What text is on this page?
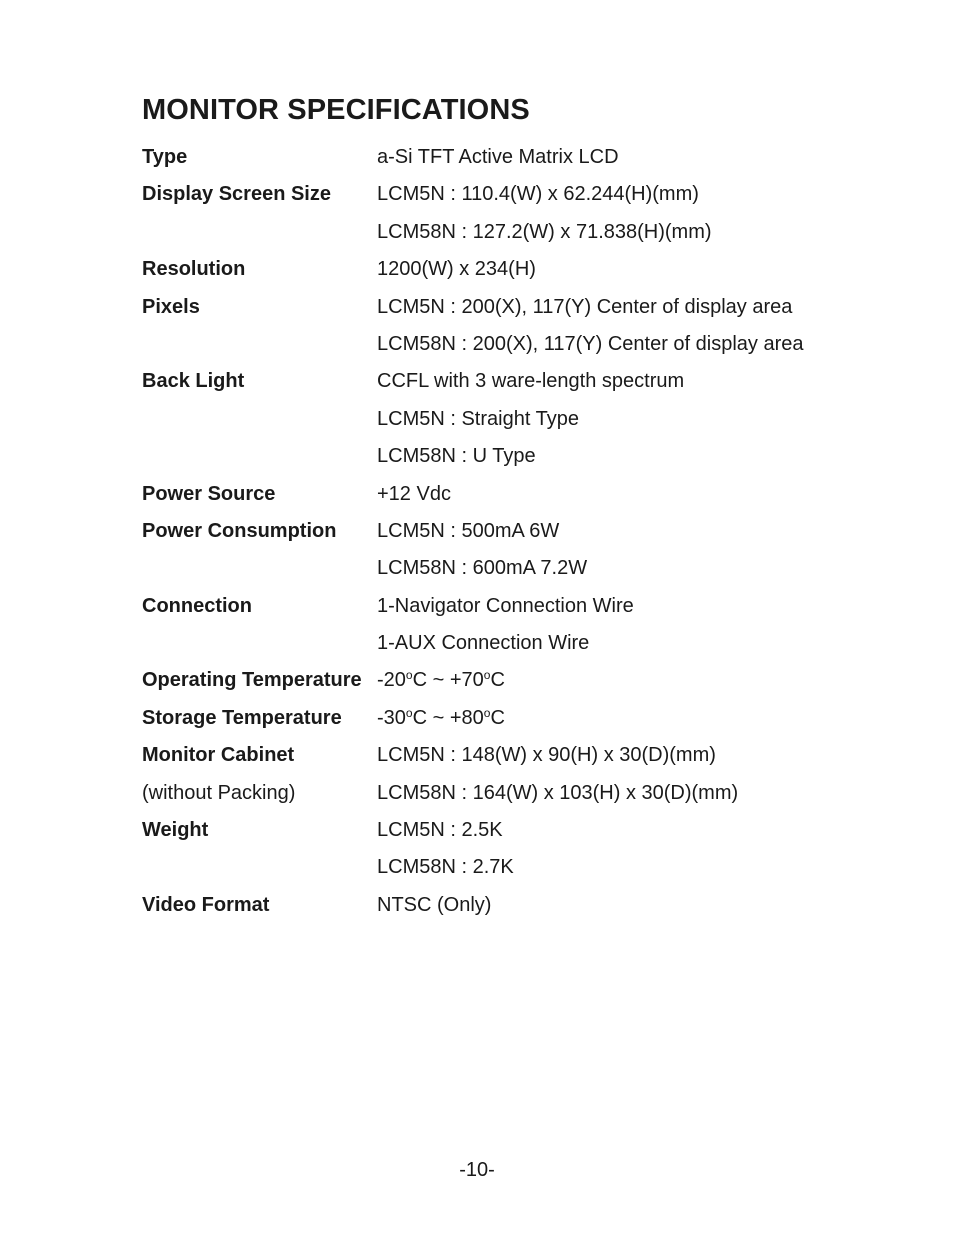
MONITOR SPECIFICATIONS
Type	a-Si TFT Active Matrix LCD
Display Screen Size LCM5N : 110.4(W) x 62.244(H)(mm)
LCM58N : 127.2(W) x 71.838(H)(mm)
Resolution	1200(W) x 234(H)
Pixels	LCM5N : 200(X), 117(Y) Center of display area
LCM58N : 200(X), 117(Y) Center of display area
Back Light	CCFL with 3 ware-length spectrum
LCM5N : Straight Type
LCM58N : U Type
Power Source	+12 Vdc
Power Consumption LCM5N : 500mA 6W
LCM58N : 600mA 7.2W
Connection	1-Navigator Connection Wire
1-AUX Connection Wire
Operating Temperature -20$^o$C ~ $+70^oC$
Storage Temperature -30$^o$C ~ $+80^oC$
Monitor Cabinet	LCM5N : 148(W) x 90(H) x 30(D)(mm)
(without Packing)	LCM58N : 164(W) x 103(H) x 30(D)(mm)
Weight	LCM5N : 2.5K
LCM58N : 2.7K
Video Format	NTSC (Only)
-10-
